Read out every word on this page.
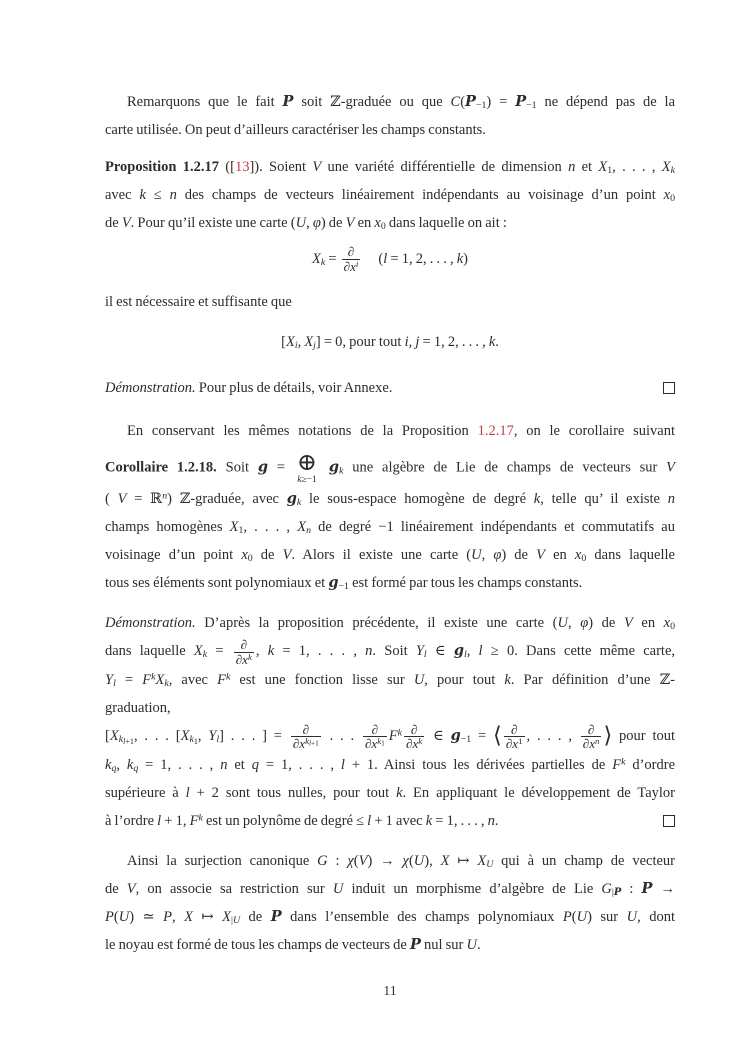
Remarquons que le fait P soit ℤ-graduée ou que $C(P_{-1}) = P_{-1}$ ne dépend pas de la
carte utilisée. On peut d’ailleurs caractériser les champs constants.
Proposition 1.2.17 ([13]). Soient V une variété différentielle de dimension n et $X_1$, . . . , $X_k$
avec k ≤ n des champs de vecteurs linéairement indépendants au voisinage d’un point $x_0$
de V. Pour qu’il existe une carte (U, φ) de V en $x_0$ dans laquelle on ait :
$X_k$ = ∂
$\partial x^i$ (l = 1, 2, . . . , k)
il est nécessaire et suffisante que
[$X_i$, $X_j] = 0$, pour tout i, j = 1, 2, . . . , k.
Démonstration. Pour plus de détails, voir Annexe.
En conservant les mêmes notations de la Proposition 1.2.17, on le corollaire suivant
Corollaire 1.2.18. Soit g = ⊕
k≥−1
$g_k$ une algèbre de Lie de champs de vecteurs sur V
( V = ℝ$^n$) ℤ-graduée, avec $g_k$ le sous-espace homogène de degré k, telle qu’ il existe n
champs homogènes $X_1$, . . . , $X_n$ de degré −1 linéairement indépendants et commutatifs au
voisinage d’un point $x_0$ de V. Alors il existe une carte (U, φ) de V en $x_0$ dans laquelle
tous ses éléments sont polynomiaux et $g_{-1}$ est formé par tous les champs constants.
Démonstration. D’après la proposition précédente, il existe une carte (U, φ) de V en $x_0$
dans laquelle $X_k$ = ∂
$\partial x^k$ , k = 1, . . . , n. Soit $Y_l$ ∈ $g_l$, l ≥ 0. Dans cette même carte,
$Y_l = F^kX_k$, avec $F^k$ est une fonction lisse sur U, pour tout k. Par définition d’une ℤ-
graduation,
[$X_{k_{l+1}}$, . . . [$X_{k_1}$, $Y_l$] . . . ] =	∂
$\partial x^{k_{l+1}}$ . . . ∂
$\partial x^{k_1}$ $F^k$ ∂
$\partial x^k$ ∈ $g_{-1}$ = ⟨ ∂
$\partial x^1$ , . . . , ∂
$\partial x^n$ ⟩ pour tout
$k_q$, $k_q = 1$, . . . , n et q = 1, . . . , l + 1. Ainsi tous les dérivées partielles de $F^k$ d’ordre
supérieure à l + 2 sont tous nulles, pour tout k. En appliquant le développement de Taylor
à l’ordre l + 1, $F^k$ est un polynôme de degré ≤ l + 1 avec k = 1, . . . , n.
Ainsi la surjection canonique G : χ(V) → χ(U), X ↦ $X_U$ qui à un champ de vecteur
de V, on associe sa restriction sur U induit un morphisme d’algèbre de Lie $G_{|P}$ : P →
P(U) ≃ P, X ↦ $X_{|U}$ de P dans l’ensemble des champs polynomiaux P(U) sur U, dont
le noyau est formé de tous les champs de vecteurs de P nul sur U.
11
